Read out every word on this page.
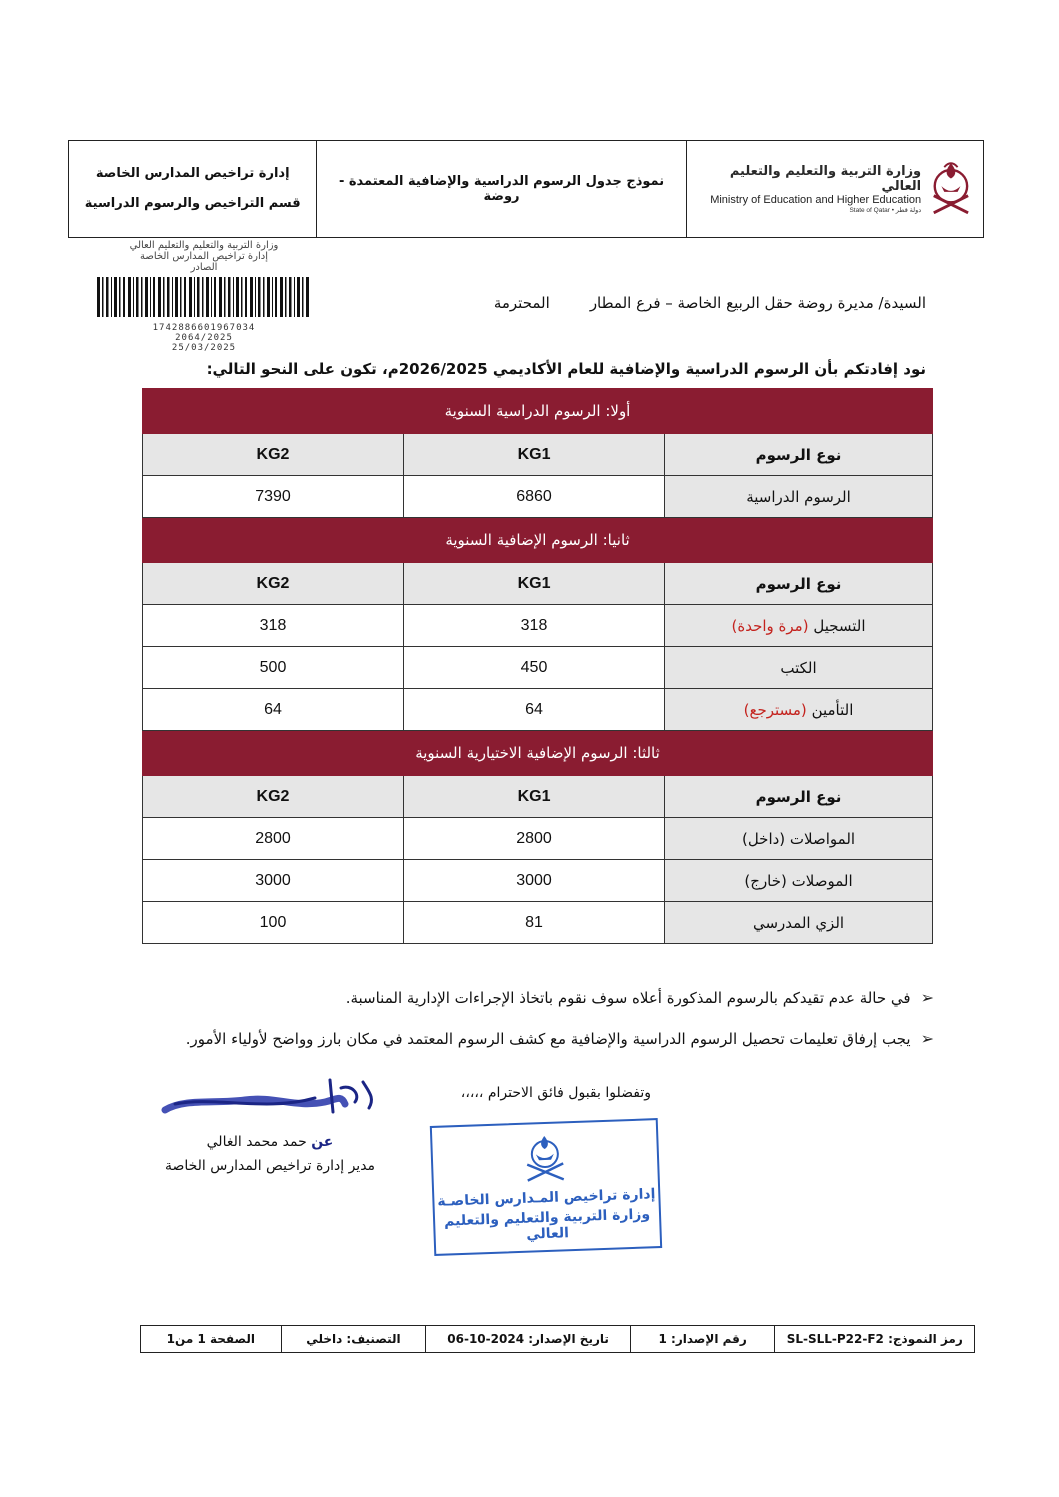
وزارة التربية والتعليم والتعليم العالي
Ministry of Education and Higher Education
State of Qatar • دولة قطر
نموذج جدول الرسوم الدراسية والإضافية المعتمدة - روضة
إدارة تراخيص المدارس الخاصة
قسم التراخيص والرسوم الدراسية
وزارة التربية والتعليم والتعليم العالي
إدارة تراخيص المدارس الخاصة
الصادر
1742886601967034
2064/2025
25/03/2025
السيدة/ مديرة روضة حقل الربيع الخاصة – فرع المطار
المحترمة
نود إفادتكم بأن الرسوم الدراسية والإضافية للعام الأكاديمي 2026/2025م، تكون على النحو التالي:
أولا: الرسوم الدراسية السنوية		
نوع الرسوم	KG1	KG2
الرسوم الدراسية	6860	7390
ثانيا: الرسوم الإضافية السنوية		
نوع الرسوم	KG1	KG2
التسجيل (مرة واحدة)	318	318
الكتب	450	500
التأمين (مسترجع)	64	64
ثالثا: الرسوم الإضافية الاختيارية السنوية		
نوع الرسوم	KG1	KG2
المواصلات (داخل)	2800	2800
الموصلات (خارج)	3000	3000
الزي المدرسي	81	100
➢
في حالة عدم تقيدكم بالرسوم المذكورة أعلاه سوف نقوم باتخاذ الإجراءات الإدارية المناسبة.
➢
يجب إرفاق تعليمات تحصيل الرسوم الدراسية والإضافية مع كشف الرسوم المعتمد في مكان بارز وواضح لأولياء الأمور.
وتفضلوا بقبول فائق الاحترام ،،،،،
عن حمد محمد الغالي
مدير إدارة تراخيص المدارس الخاصة
إدارة تراخيص المـدارس الخاصـة
وزارة التربية والتعليم والتعليم العالي
رمز النموذج: SL-SLL-P22-F2
رقم الإصدار: 1
تاريخ الإصدار: 2024-10-06
التصنيف: داخلي
الصفحة 1 من1
